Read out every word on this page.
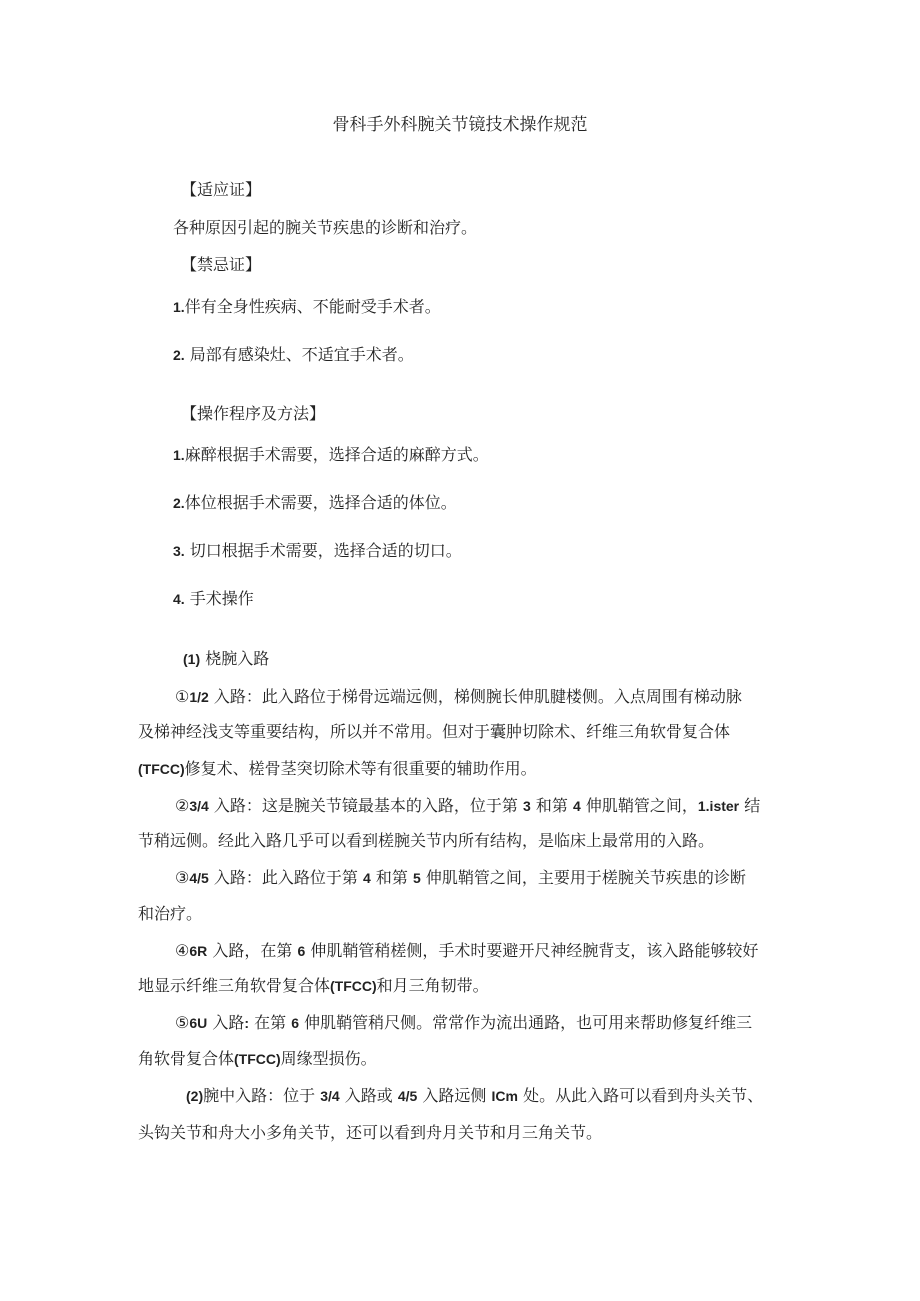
骨科手外科腕关节镜技术操作规范
【适应证】
各种原因引起的腕关节疾患的诊断和治疗。
【禁忌证】
1.伴有全身性疾病、不能耐受手术者。
2. 局部有感染灶、不适宜手术者。
【操作程序及方法】
1.麻醉根据手术需要，选择合适的麻醉方式。
2.体位根据手术需要，选择合适的体位。
3. 切口根据手术需要，选择合适的切口。
4. 手术操作
(1) 桡腕入路
①1/2 入路：此入路位于梯骨远端远侧，梯侧腕长伸肌腱楼侧。入点周围有梯动脉
及梯神经浅支等重要结构，所以并不常用。但对于囊肿切除术、纤维三角软骨复合体
(TFCC)修复术、槎骨茎突切除术等有很重要的辅助作用。
②3/4 入路：这是腕关节镜最基本的入路，位于第 3 和第 4 伸肌鞘管之间，1.ister 结
节稍远侧。经此入路几乎可以看到槎腕关节内所有结构，是临床上最常用的入路。
③4/5 入路：此入路位于第 4 和第 5 伸肌鞘管之间，主要用于槎腕关节疾患的诊断
和治疗。
④6R 入路，在第 6 伸肌鞘管稍槎侧，手术时要避开尺神经腕背支，该入路能够较好
地显示纤维三角软骨复合体(TFCC)和月三角韧带。
⑤6U 入路: 在第 6 伸肌鞘管稍尺侧。常常作为流出通路，也可用来帮助修复纤维三
角软骨复合体(TFCC)周缘型损伤。
(2)腕中入路：位于 3/4 入路或 4/5 入路远侧 ICm 处。从此入路可以看到舟头关节、
头钩关节和舟大小多角关节，还可以看到舟月关节和月三角关节。
